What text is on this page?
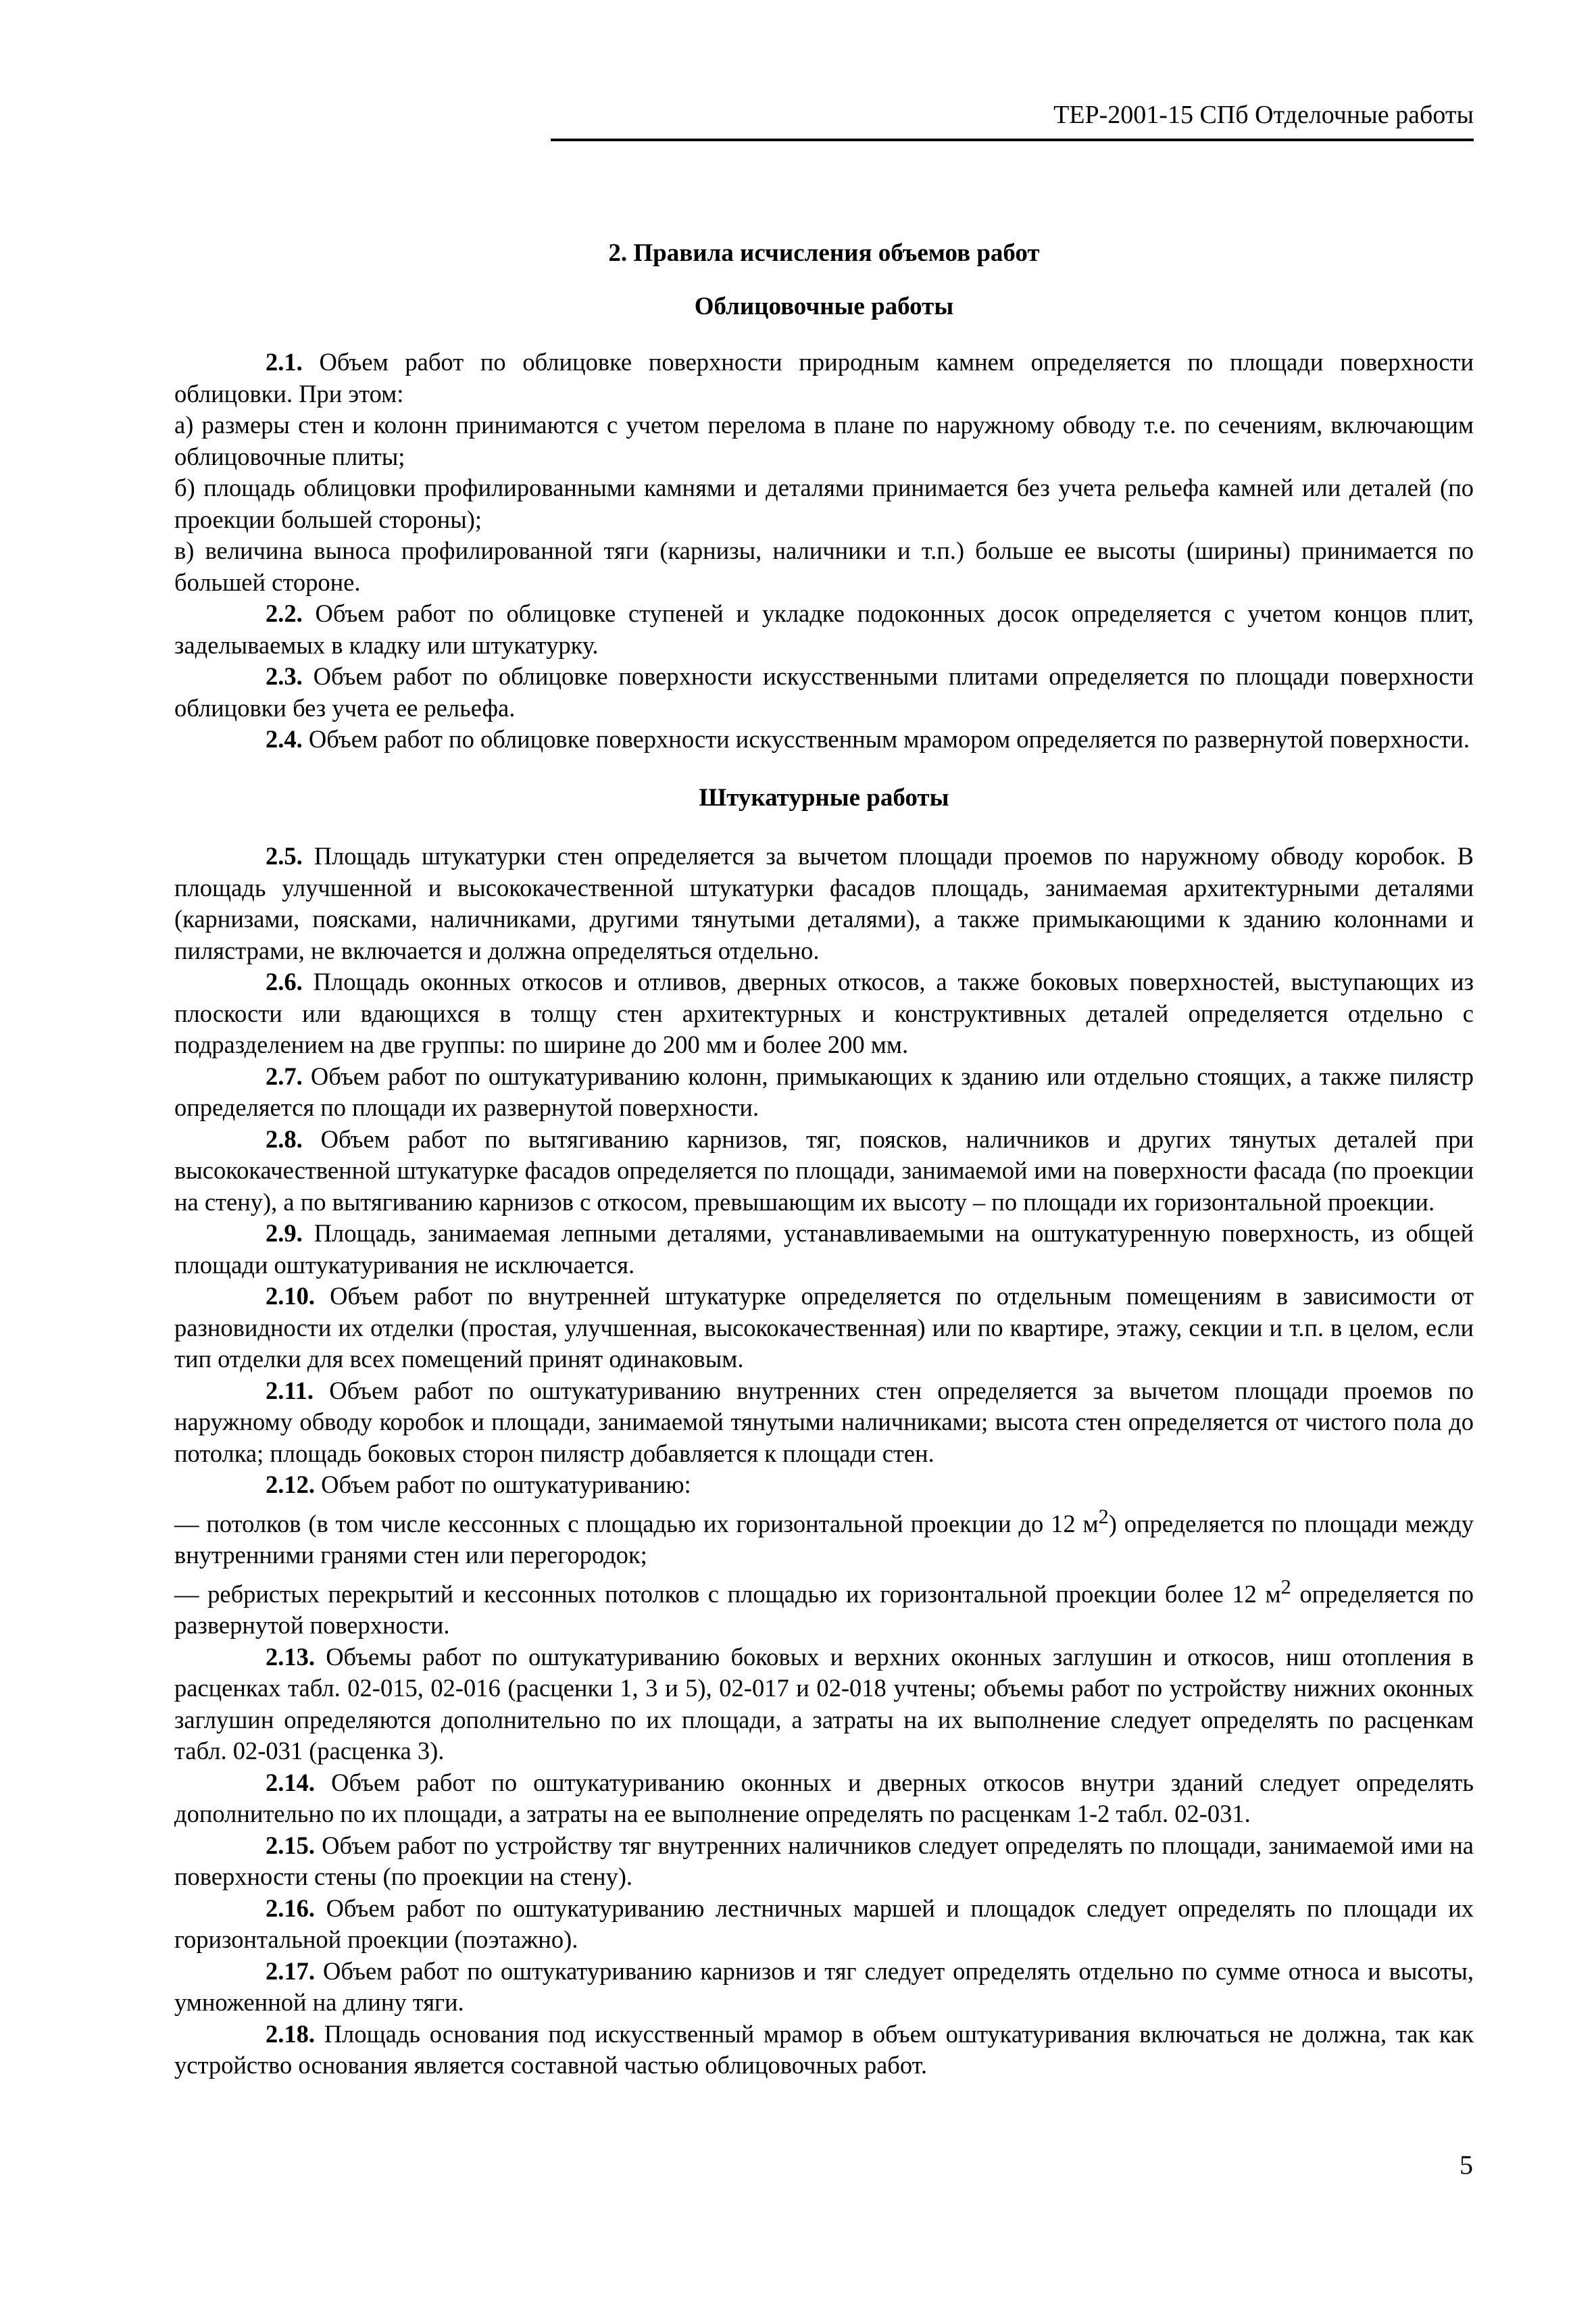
ТЕР-2001-15 СПб Отделочные работы
2. Правила исчисления объемов работ
Облицовочные работы

2.1. Объем работ по облицовке поверхности природным камнем определяется по площади поверхности облицовки. При этом:

а) размеры стен и колонн принимаются с учетом перелома в плане по наружному обводу т.е. по сечениям, включающим облицовочные плиты;

б) площадь облицовки профилированными камнями и деталями принимается без учета рельефа камней или деталей (по проекции большей стороны);

в) величина выноса профилированной тяги (карнизы, наличники и т.п.) больше ее высоты (ширины) принимается по большей стороне.

2.2. Объем работ по облицовке ступеней и укладке подоконных досок определяется с учетом концов плит, заделываемых в кладку или штукатурку.

2.3. Объем работ по облицовке поверхности искусственными плитами определяется по площади поверхности облицовки без учета ее рельефа.

2.4. Объем работ по облицовке поверхности искусственным мрамором определяется по развернутой поверхности.

Штукатурные работы

2.5. Площадь штукатурки стен определяется за вычетом площади проемов по наружному обводу коробок. В площадь улучшенной и высококачественной штукатурки фасадов площадь, занимаемая архитектурными деталями (карнизами, поясками, наличниками, другими тянутыми деталями), а также примыкающими к зданию колоннами и пилястрами, не включается и должна определяться отдельно.

2.6. Площадь оконных откосов и отливов, дверных откосов, а также боковых поверхностей, выступающих из плоскости или вдающихся в толщу стен архитектурных и конструктивных деталей определяется отдельно с подразделением на две группы: по ширине до 200 мм и более 200 мм.

2.7. Объем работ по оштукатуриванию колонн, примыкающих к зданию или отдельно стоящих, а также пилястр определяется по площади их развернутой поверхности.

2.8. Объем работ по вытягиванию карнизов, тяг, поясков, наличников и других тянутых деталей при высококачественной штукатурке фасадов определяется по площади, занимаемой ими на поверхности фасада (по проекции на стену), а по вытягиванию карнизов с откосом, превышающим их высоту – по площади их горизонтальной проекции.

2.9. Площадь, занимаемая лепными деталями, устанавливаемыми на оштукатуренную поверхность, из общей площади оштукатуривания не исключается.

2.10. Объем работ по внутренней штукатурке определяется по отдельным помещениям в зависимости от разновидности их отделки (простая, улучшенная, высококачественная) или по квартире, этажу, секции и т.п. в целом, если тип отделки для всех помещений принят одинаковым.

2.11. Объем работ по оштукатуриванию внутренних стен определяется за вычетом площади проемов по наружному обводу коробок и площади, занимаемой тянутыми наличниками; высота стен определяется от чистого пола до потолка; площадь боковых сторон пилястр добавляется к площади стен.

2.12. Объем работ по оштукатуриванию:

— потолков (в том числе кессонных с площадью их горизонтальной проекции до 12 $м^2$) определяется по площади между внутренними гранями стен или перегородок;

— ребристых перекрытий и кессонных потолков с площадью их горизонтальной проекции более 12 $м^2$ определяется по развернутой поверхности.

2.13. Объемы работ по оштукатуриванию боковых и верхних оконных заглушин и откосов, ниш отопления в расценках табл. 02-015, 02-016 (расценки 1, 3 и 5), 02-017 и 02-018 учтены; объемы работ по устройству нижних оконных заглушин определяются дополнительно по их площади, а затраты на их выполнение следует определять по расценкам табл. 02-031 (расценка 3).

2.14. Объем работ по оштукатуриванию оконных и дверных откосов внутри зданий следует определять дополнительно по их площади, а затраты на ее выполнение определять по расценкам 1-2 табл. 02-031.

2.15. Объем работ по устройству тяг внутренних наличников следует определять по площади, занимаемой ими на поверхности стены (по проекции на стену).

2.16. Объем работ по оштукатуриванию лестничных маршей и площадок следует определять по площади их горизонтальной проекции (поэтажно).

2.17. Объем работ по оштукатуриванию карнизов и тяг следует определять отдельно по сумме относа и высоты, умноженной на длину тяги.

2.18. Площадь основания под искусственный мрамор в объем оштукатуривания включаться не должна, так как устройство основания является составной частью облицовочных работ.

5
